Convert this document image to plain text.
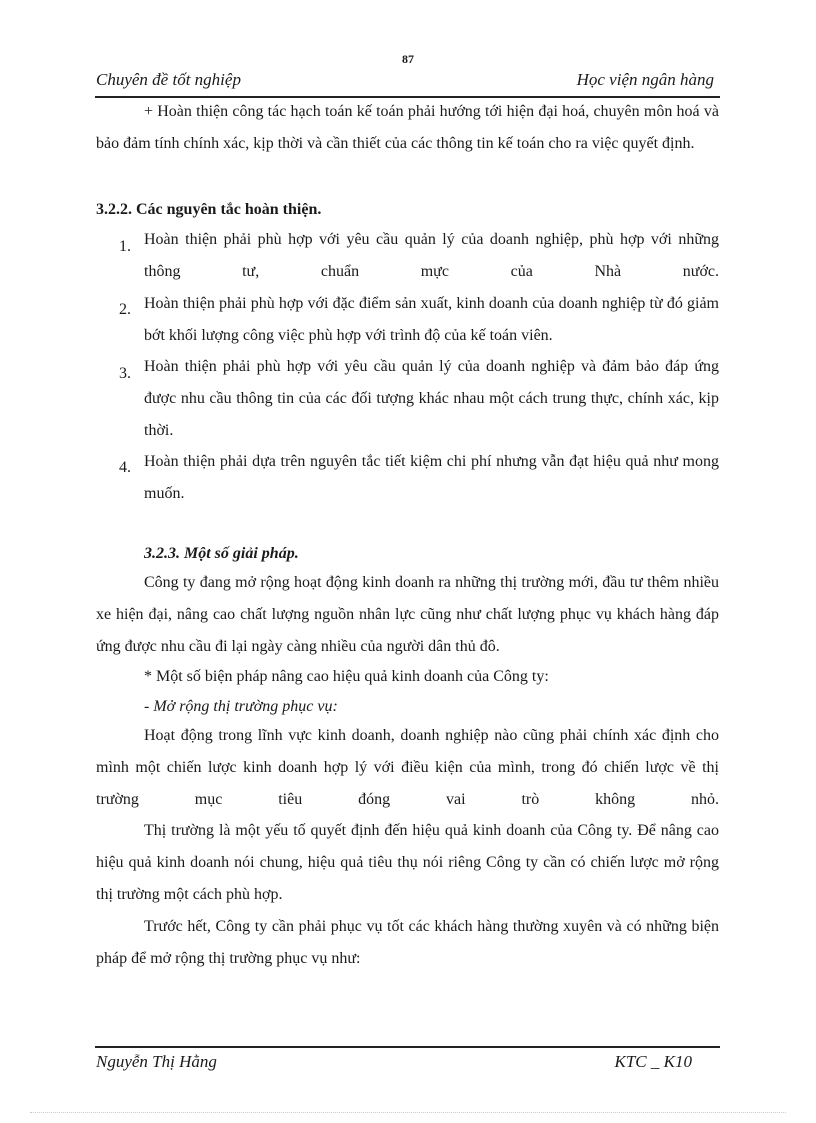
87
Chuyên đề tốt nghiệp	Học viện ngân hàng
+ Hoàn thiện công tác hạch toán kế toán phải hướng tới hiện đại hoá, chuyên môn hoá và bảo đảm tính chính xác, kịp thời và cần thiết của các thông tin kế toán cho ra việc quyết định.
3.2.2. Các nguyên tắc hoàn thiện.
1. Hoàn thiện phải phù hợp với yêu cầu quản lý của doanh nghiệp, phù hợp với những thông tư, chuẩn mực của Nhà nước.
2. Hoàn thiện phải phù hợp với đặc điểm sản xuất, kinh doanh của doanh nghiệp từ đó giảm bớt khối lượng công việc phù hợp với trình độ của kế toán viên.
3. Hoàn thiện phải phù hợp với yêu cầu quản lý của doanh nghiệp và đảm bảo đáp ứng được nhu cầu thông tin của các đối tượng khác nhau một cách trung thực, chính xác, kịp thời.
4. Hoàn thiện phải dựa trên nguyên tắc tiết kiệm chi phí nhưng vẫn đạt hiệu quả như mong muốn.
3.2.3. Một số giải pháp.
Công ty đang mở rộng hoạt động kinh doanh ra những thị trường mới, đầu tư thêm nhiều xe hiện đại, nâng cao chất lượng nguồn nhân lực cũng như chất lượng phục vụ khách hàng đáp ứng được nhu cầu đi lại ngày càng nhiều của người dân thủ đô.
* Một số biện pháp nâng cao hiệu quả kinh doanh của Công ty:
- Mở rộng thị trường phục vụ:
Hoạt động trong lĩnh vực kinh doanh, doanh nghiệp nào cũng phải chính xác định cho mình một chiến lược kinh doanh hợp lý với điều kiện của mình, trong đó chiến lược về thị trường mục tiêu đóng vai trò không nhỏ.
Thị trường là một yếu tố quyết định đến hiệu quả kinh doanh của Công ty. Để nâng cao hiệu quả kinh doanh nói chung, hiệu quả tiêu thụ nói riêng Công ty cần có chiến lược mở rộng thị trường một cách phù hợp.
Trước hết, Công ty cần phải phục vụ tốt các khách hàng thường xuyên và có những biện pháp để mở rộng thị trường phục vụ như:
Nguyễn Thị Hằng	KTC _ K10
